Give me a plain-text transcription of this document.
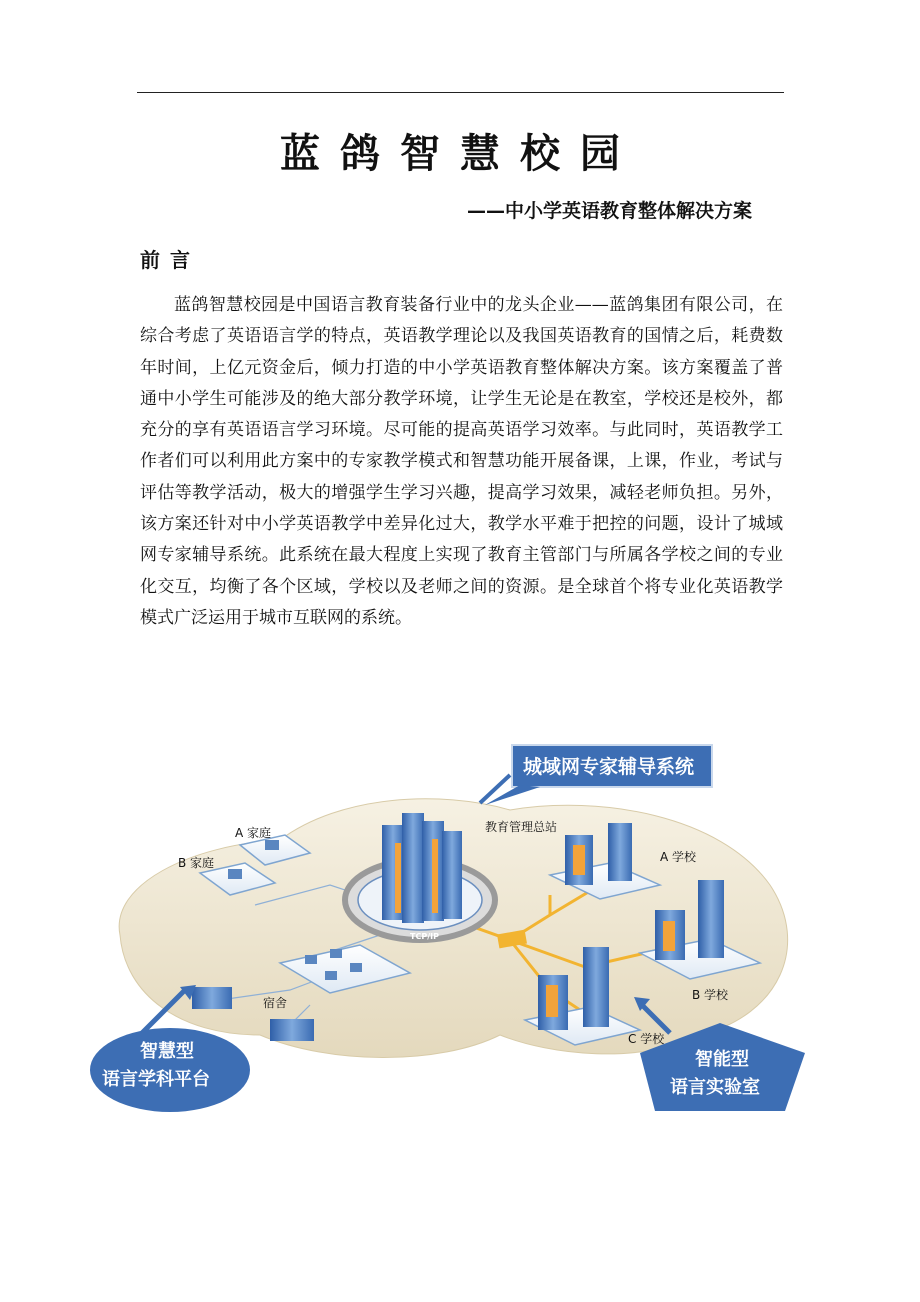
蓝鸽智慧校园
——中小学英语教育整体解决方案
前言

蓝鸽智慧校园是中国语言教育装备行业中的龙头企业——蓝鸽集团有限公司，在综合考虑了英语语言学的特点，英语教学理论以及我国英语教育的国情之后，耗费数年时间，上亿元资金后，倾力打造的中小学英语教育整体解决方案。该方案覆盖了普通中小学生可能涉及的绝大部分教学环境，让学生无论是在教室，学校还是校外，都充分的享有英语语言学习环境。尽可能的提高英语学习效率。与此同时，英语教学工作者们可以利用此方案中的专家教学模式和智慧功能开展备课，上课，作业，考试与评估等教学活动，极大的增强学生学习兴趣，提高学习效果，减轻老师负担。另外，该方案还针对中小学英语教学中差异化过大，教学水平难于把控的问题，设计了城域网专家辅导系统。此系统在最大程度上实现了教育主管部门与所属各学校之间的专业化交互，均衡了各个区域，学校以及老师之间的资源。是全球首个将专业化英语教学模式广泛运用于城市互联网的系统。

TCP/IP
教育管理总站
A 家庭
B 家庭
宿舍
A 学校
B 学校
C 学校
城域网专家辅导系统
智慧型
语言学科平台
智能型
语言实验室
